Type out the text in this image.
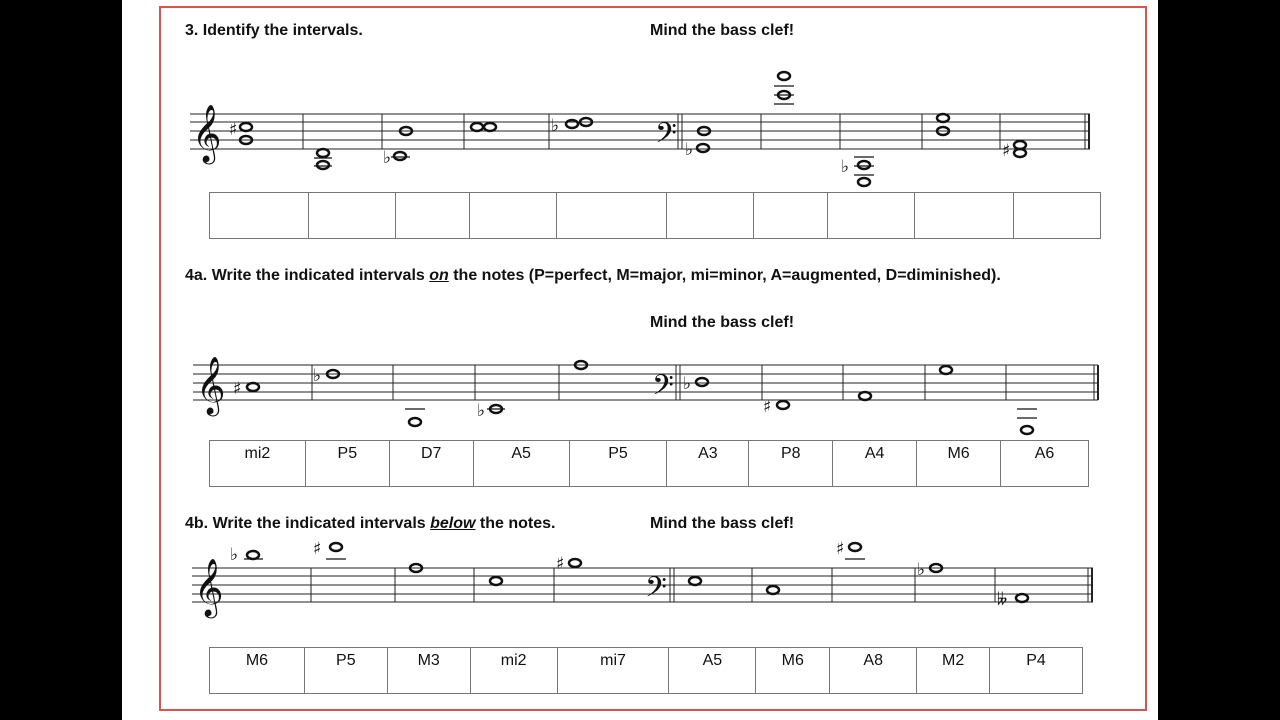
3. Identify the intervals.	Mind the bass clef!
4a. Write the indicated intervals on the notes (P=perfect, M=major, mi=minor, A=augmented, D=diminished).
Mind the bass clef!
4b. Write the indicated intervals below the notes.	Mind the bass clef!
𝄞	𝄢
𝄞	𝄢
𝄞	𝄢
♯
♭
♭
♭
♭
♯
♯
♭
♭
♭
♯
♭	♯
♯
♯
♭
𝄫

mi2	P5	D7	A5	P5	A3	P8	A4	M6	A6
M6	P5	M3	mi2	mi7	A5	M6	A8	M2	P4
